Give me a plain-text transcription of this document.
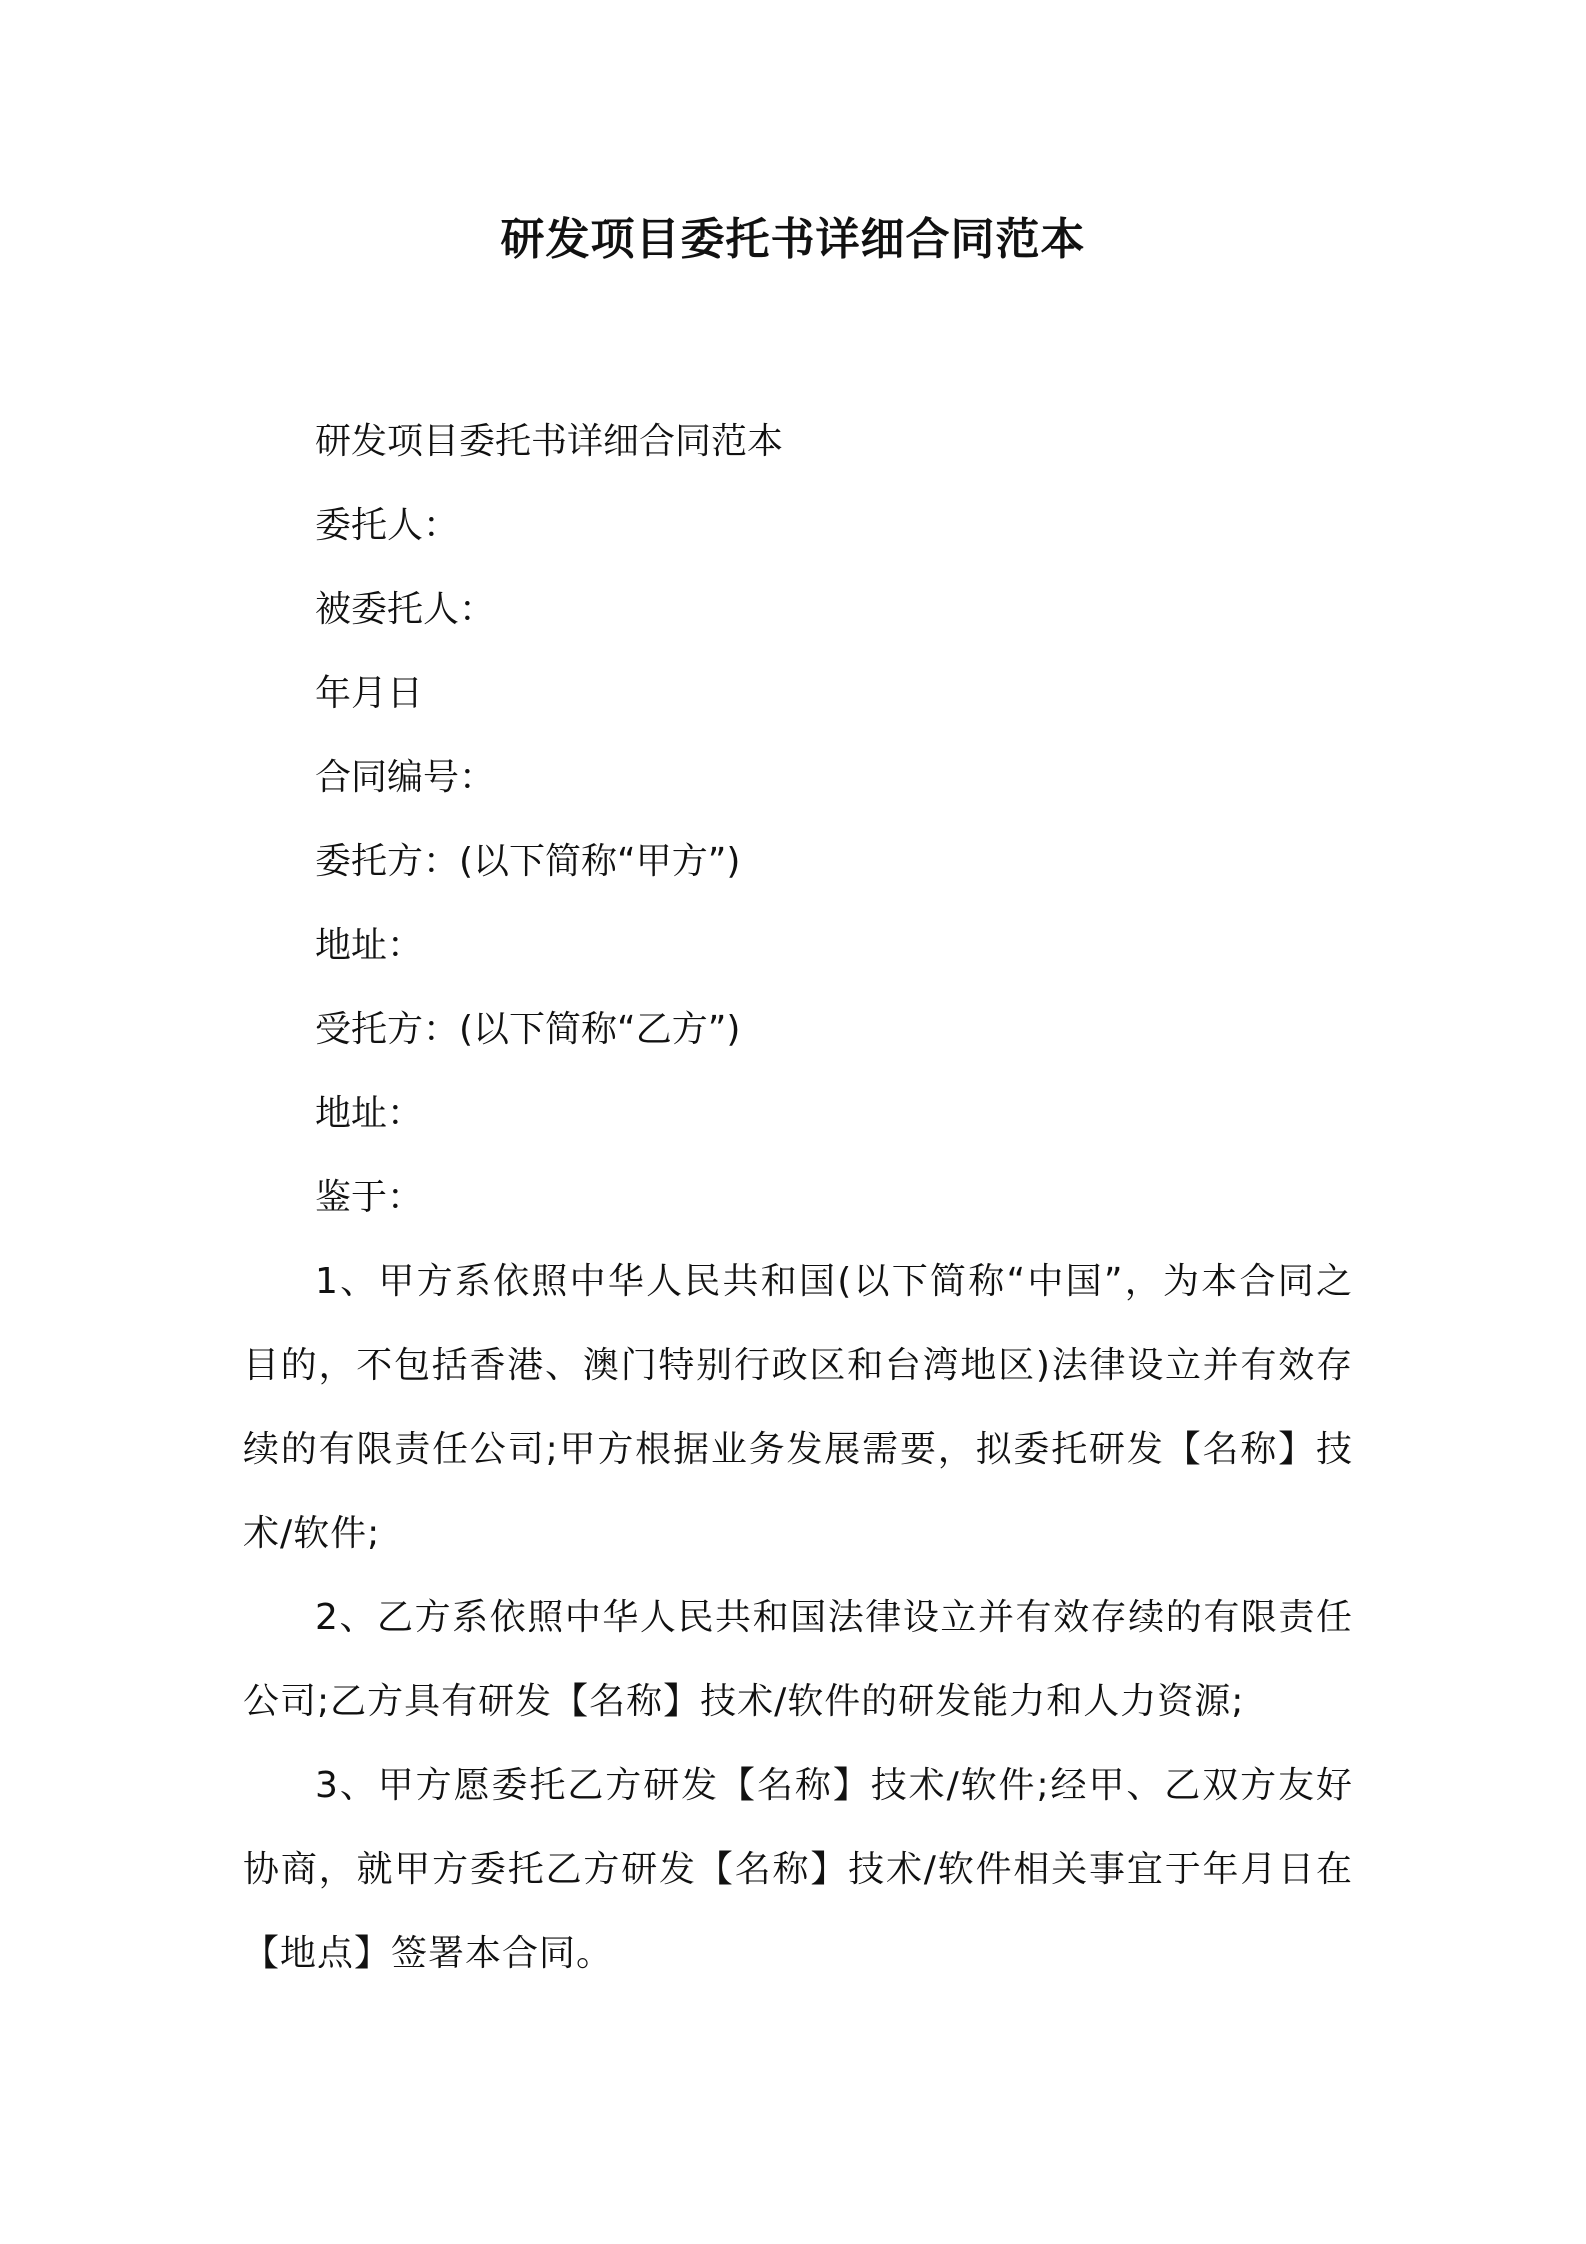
研发项目委托书详细合同范本
研发项目委托书详细合同范本
委托人：
被委托人：
年月日
合同编号：
委托方：(以下简称“甲方”)
地址：
受托方：(以下简称“乙方”)
地址：
鉴于：

1、甲方系依照中华人民共和国(以下简称“中国”，为本合同之目的，不包括香港、澳门特别行政区和台湾地区)法律设立并有效存续的有限责任公司;甲方根据业务发展需要，拟委托研发【名称】技术/软件;

2、乙方系依照中华人民共和国法律设立并有效存续的有限责任公司;乙方具有研发【名称】技术/软件的研发能力和人力资源;

3、甲方愿委托乙方研发【名称】技术/软件;经甲、乙双方友好协商，就甲方委托乙方研发【名称】技术/软件相关事宜于年月日在【地点】签署本合同。
